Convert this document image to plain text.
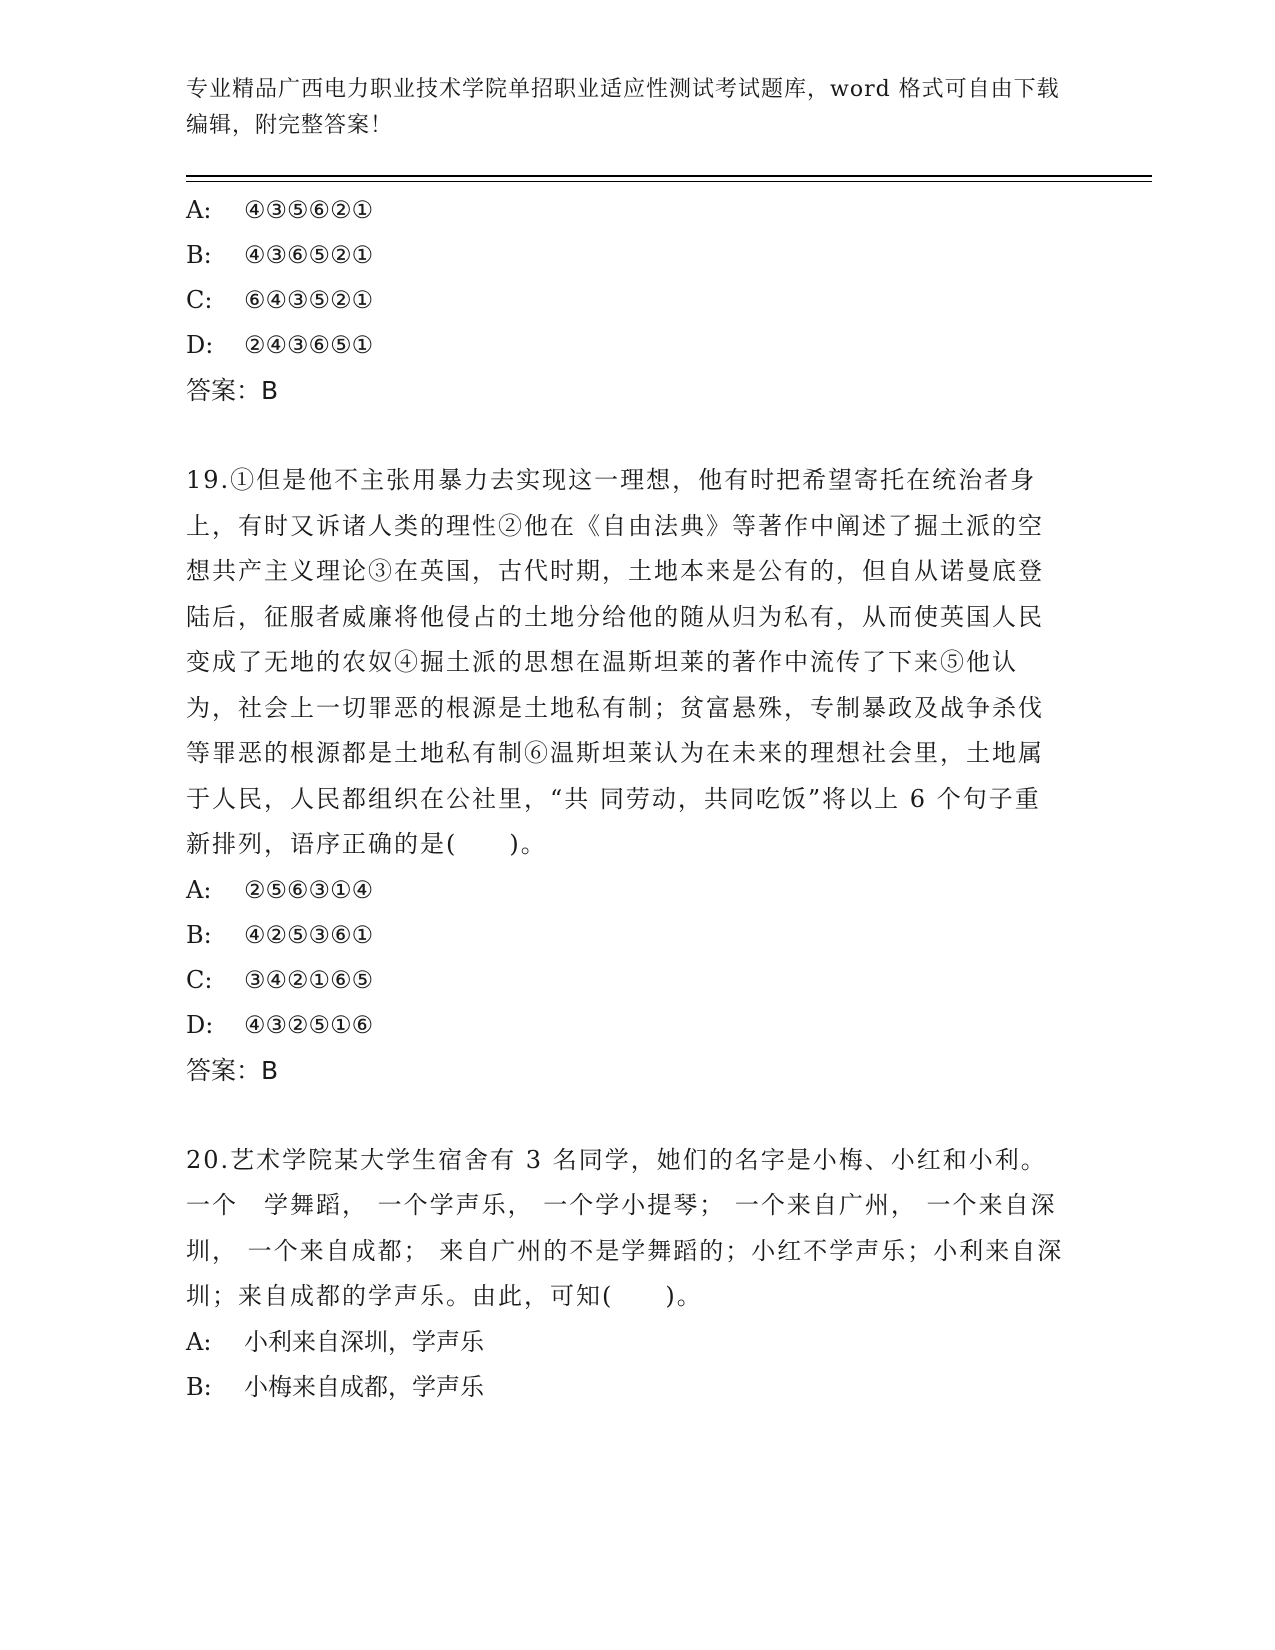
专业精品广西电力职业技术学院单招职业适应性测试考试题库，word 格式可自由下载编辑，附完整答案！
A: ④③⑤⑥②①
B: ④③⑥⑤②①
C: ⑥④③⑤②①
D: ②④③⑥⑤①
答案：B
19.①但是他不主张用暴力去实现这一理想，他有时把希望寄托在统治者身上，有时又诉诸人类的理性②他在《自由法典》等著作中阐述了掘土派的空想共产主义理论③在英国，古代时期，土地本来是公有的，但自从诺曼底登陆后，征服者威廉将他侵占的土地分给他的随从归为私有，从而使英国人民变成了无地的农奴④掘土派的思想在温斯坦莱的著作中流传了下来⑤他认为，社会上一切罪恶的根源是土地私有制；贫富悬殊，专制暴政及战争杀伐等罪恶的根源都是土地私有制⑥温斯坦莱认为在未来的理想社会里，土地属于人民，人民都组织在公社里，“共 同劳动，共同吃饭”将以上 6 个句子重新排列，语序正确的是(　　)。
A: ②⑤⑥③①④
B: ④②⑤③⑥①
C: ③④②①⑥⑤
D: ④③②⑤①⑥
答案：B
20.艺术学院某大学生宿舍有 3 名同学，她们的名字是小梅、小红和小利。 一个　学舞蹈， 一个学声乐， 一个学小提琴； 一个来自广州， 一个来自深圳， 一个来自成都； 来自广州的不是学舞蹈的；小红不学声乐；小利来自深圳；来自成都的学声乐。由此，可知(　　)。
A: 小利来自深圳，学声乐
B: 小梅来自成都，学声乐
